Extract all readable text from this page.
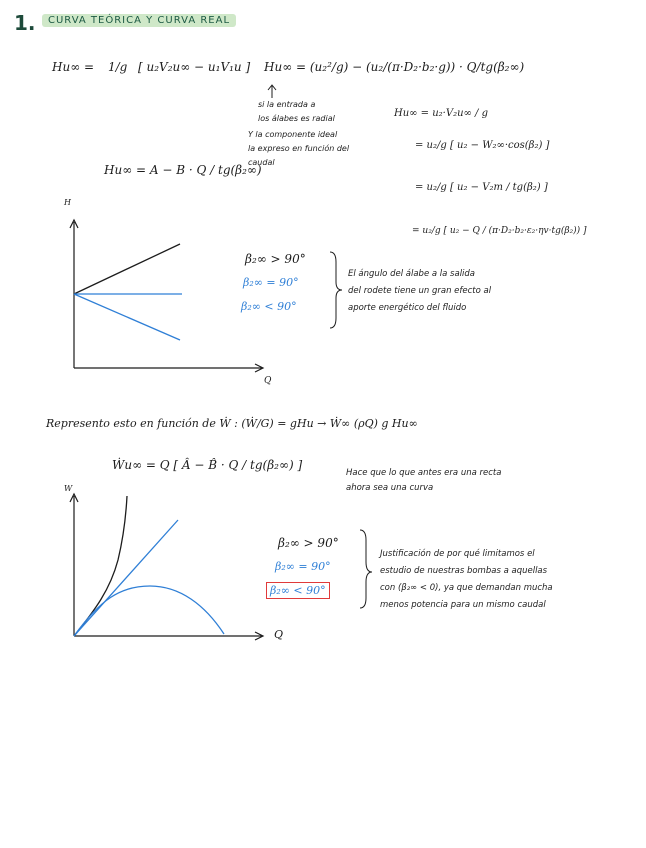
1.	CURVA TEÓRICA Y CURVA REAL
Hu∞ = 1/g [ u₂V₂u∞ − u₁V₁u ] Hu∞ = (u₂²/g) − (u₂/(π·D₂·b₂·g)) · Q/tg(β₂∞)
si la entrada a
los álabes es radial
Y la componente ideal
la expreso en función del
caudal
Hu∞ = u₂·V₂u∞ / g
= u₂/g [ u₂ − W₂∞·cos(β₂) ]
= u₂/g [ u₂ − V₂m / tg(β₂) ]
= u₂/g [ u₂ − Q / (π·D₂·b₂·ε₂·ηv·tg(β₂)) ]
Hu∞ = A − B · Q / tg(β₂∞)
H
Q
β₂∞ > 90°
β₂∞ = 90°
β₂∞ < 90°
El ángulo del álabe a la salida
del rodete tiene un gran efecto al
aporte energético del fluido
Represento esto en función de Ẇ : (Ẇ/G) = gHu → Ẇ∞ (ρQ) g Hu∞
Ẇu∞ = Q [ Â − B̂ · Q / tg(β₂∞) ]
Hace que lo que antes era una recta
ahora sea una curva
W
Q
β₂∞ > 90°
β₂∞ = 90°
β₂∞ < 90°
Justificación de por qué limitamos el
estudio de nuestras bombas a aquellas
con (β₂∞ < 0), ya que demandan mucha
menos potencia para un mismo caudal
